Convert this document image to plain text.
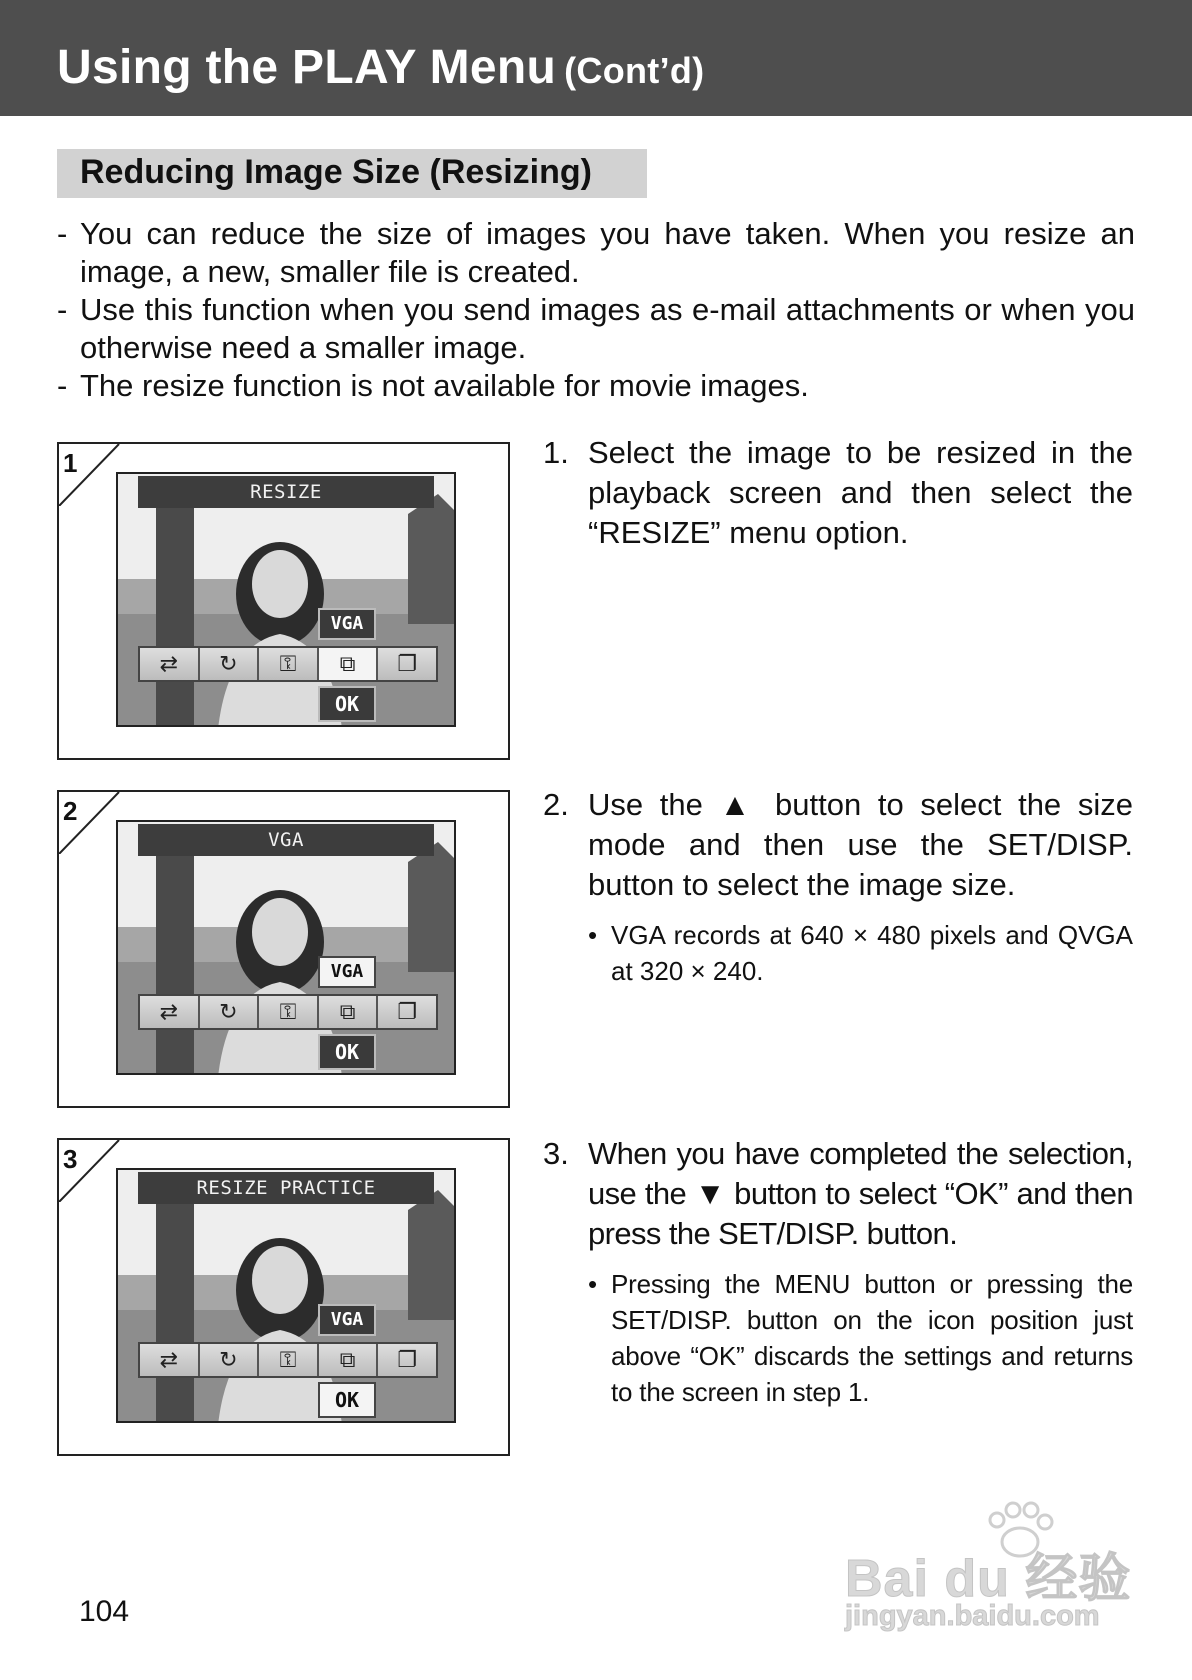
Using the PLAY Menu (Cont’d)
Reducing Image Size (Resizing)
- You can reduce the size of images you have taken. When you resize an image, a new, smaller file is created.
- Use this function when you send images as e-mail attachments or when you otherwise need a smaller image.
- The resize function is not available for movie images.
1
RESIZE
VGA
⇄	↻	⚿	⧉	❐
OK
2
VGA
VGA
⇄	↻	⚿	⧉	❐
OK
3
RESIZE PRACTICE
VGA
⇄	↻	⚿	⧉	❐
OK
1. Select the image to be resized in the playback screen and then select the “RESIZE” menu option.
2. Use the ▲ button to select the size mode and then use the SET/DISP. button to select the image size.
• VGA records at 640 × 480 pixels and QVGA at 320 × 240.
3. When you have completed the selection, use the ▼ button to select “OK” and then press the SET/DISP. button.
• Pressing the MENU button or pressing the SET/DISP. button on the icon position just above “OK” discards the settings and returns to the screen in step 1.
104
Bai du 经验
jingyan.baidu.com
